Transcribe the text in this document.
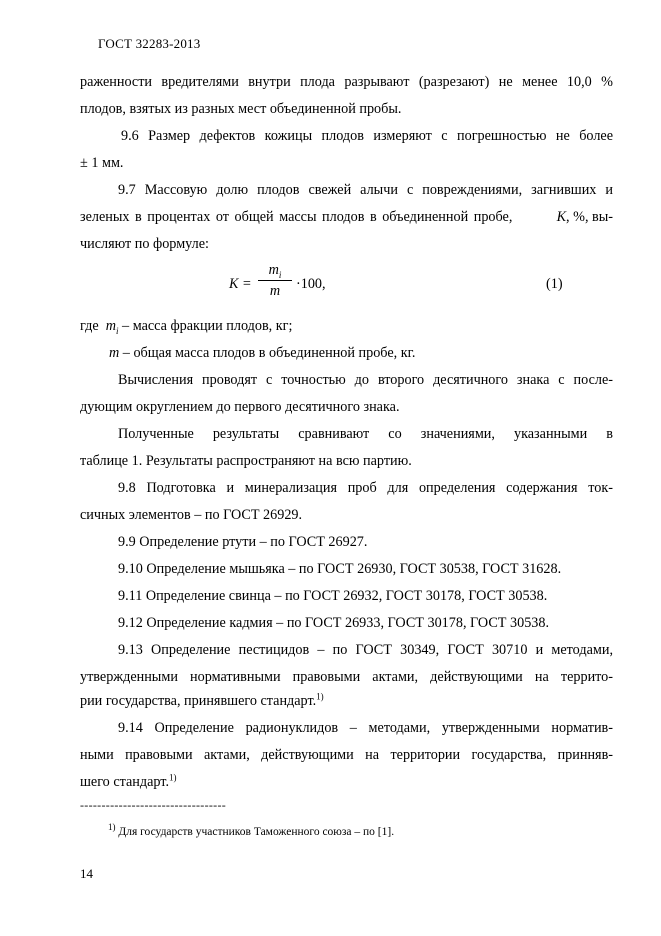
ГОСТ 32283-2013
раженности вредителями внутри плода разрывают (разрезают) не менее 10,0 %
плодов, взятых из разных мест объединенной пробы.
9.6 Размер дефектов кожицы плодов измеряют с погрешностью не более
± 1 мм.
9.7 Массовую долю плодов свежей алычи с повреждениями, загнивших и
зеленых в процентах от общей массы плодов в объединенной пробе,	K, %, вы-
числяют по формуле:
K =
$m_i$
m	·100,	(1)
где $m_i$ – масса фракции плодов, кг;
m – общая масса плодов в объединенной пробе, кг.
Вычисления проводят с точностью до второго десятичного знака с после-
дующим округлением до первого десятичного знака.
Полученные результаты сравнивают со значениями, указанными в
таблице 1. Результаты распространяют на всю партию.
9.8 Подготовка и минерализация проб для определения содержания ток-
сичных элементов – по ГОСТ 26929.
9.9 Определение ртути – по ГОСТ 26927.
9.10 Определение мышьяка – по ГОСТ 26930, ГОСТ 30538, ГОСТ 31628.
9.11 Определение свинца – по ГОСТ 26932, ГОСТ 30178, ГОСТ 30538.
9.12 Определение кадмия – по ГОСТ 26933, ГОСТ 30178, ГОСТ 30538.
9.13 Определение пестицидов – по ГОСТ 30349, ГОСТ 30710 и методами,
утвержденными нормативными правовыми актами, действующими на террито-
рии государства, принявшего стандарт.$^{1)}$
9.14 Определение радионуклидов – методами, утвержденными норматив-
ными правовыми актами, действующими на территории государства, принняв-
шего стандарт.$^{1)}$
----------------------------------
$^{1)}$ Для государств участников Таможенного союза – по [1].
14
